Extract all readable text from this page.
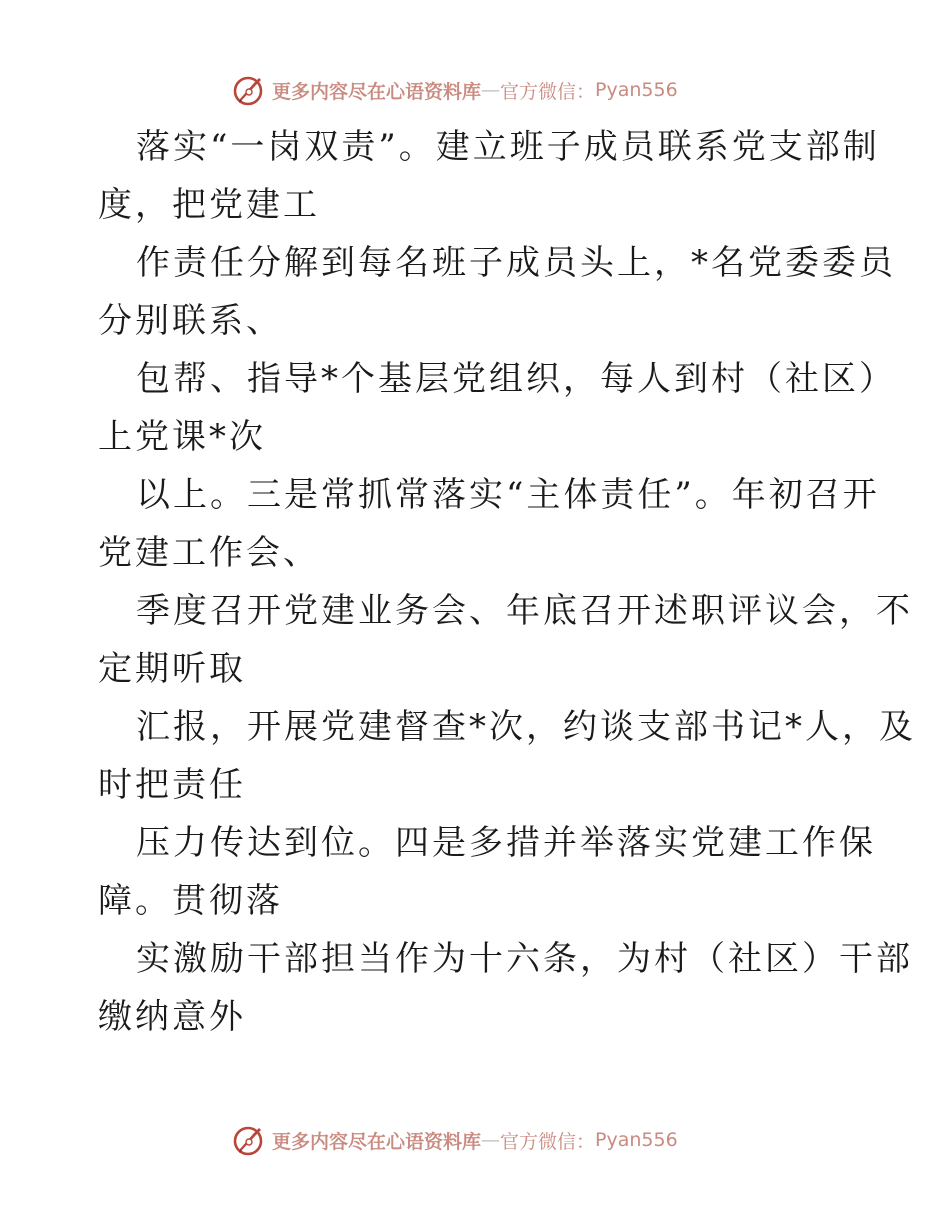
更多内容尽在心语资料库 — 官方微信： Pyan556
落实“一岗双责”。建立班子成员联系党支部制
度，把党建工
作责任分解到每名班子成员头上，*名党委委员
分别联系、
包帮、指导*个基层党组织，每人到村（社区）
上党课*次
以上。三是常抓常落实“主体责任”。年初召开
党建工作会、
季度召开党建业务会、年底召开述职评议会，不
定期听取
汇报，开展党建督查*次，约谈支部书记*人，及
时把责任
压力传达到位。四是多措并举落实党建工作保
障。贯彻落
实激励干部担当作为十六条，为村（社区）干部
缴纳意外
更多内容尽在心语资料库 — 官方微信： Pyan556
